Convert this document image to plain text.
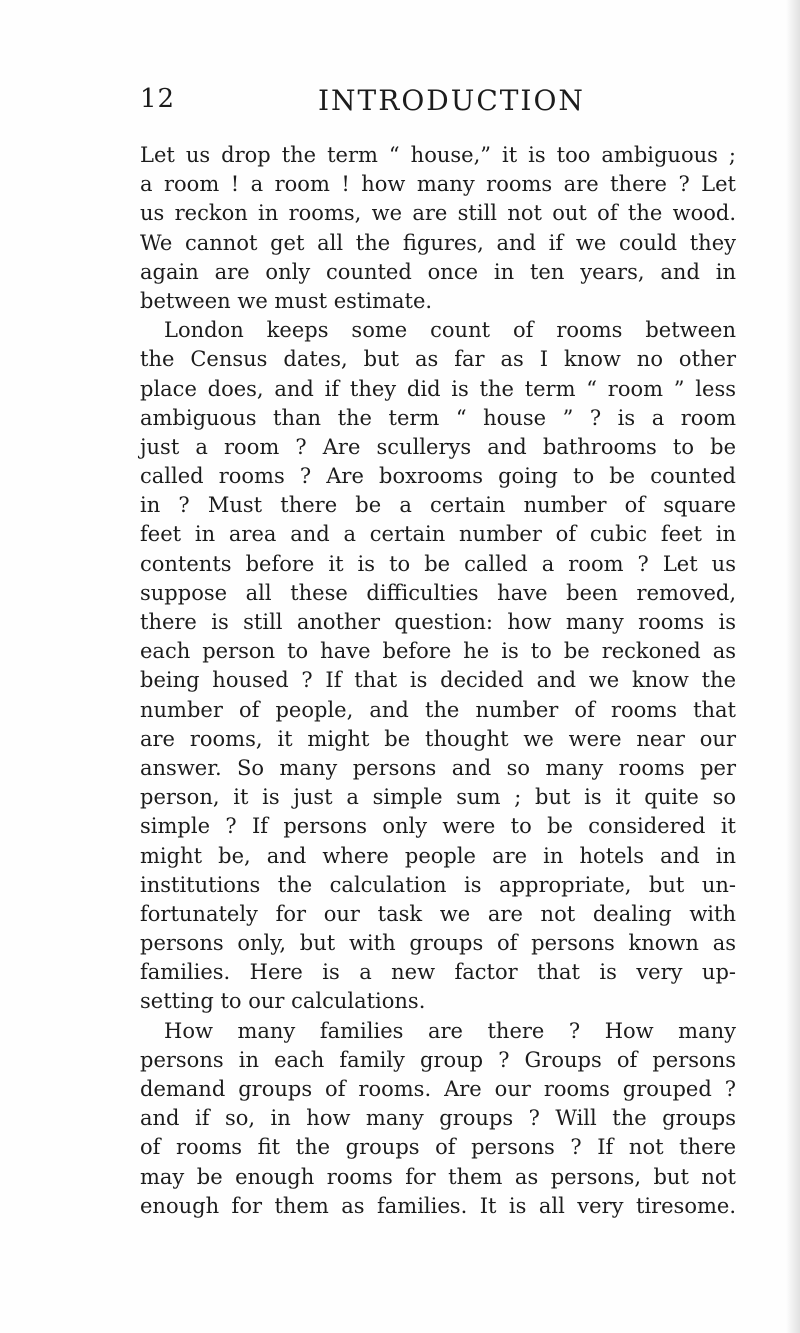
12	INTRODUCTION
Let us drop the term “ house,” it is too ambiguous ;
a room ! a room ! how many rooms are there ? Let
us reckon in rooms, we are still not out of the wood.
We cannot get all the figures, and if we could they
again are only counted once in ten years, and in
between we must estimate.
London keeps some count of rooms between
the Census dates, but as far as I know no other
place does, and if they did is the term “ room ” less
ambiguous than the term “ house ” ? is a room
just a room ? Are scullerys and bathrooms to be
called rooms ? Are boxrooms going to be counted
in ? Must there be a certain number of square
feet in area and a certain number of cubic feet in
contents before it is to be called a room ? Let us
suppose all these difficulties have been removed,
there is still another question: how many rooms is
each person to have before he is to be reckoned as
being housed ? If that is decided and we know the
number of people, and the number of rooms that
are rooms, it might be thought we were near our
answer. So many persons and so many rooms per
person, it is just a simple sum ; but is it quite so
simple ? If persons only were to be considered it
might be, and where people are in hotels and in
institutions the calculation is appropriate, but un-
fortunately for our task we are not dealing with
persons only, but with groups of persons known as
families. Here is a new factor that is very up-
setting to our calculations.
How many families are there ? How many
persons in each family group ? Groups of persons
demand groups of rooms. Are our rooms grouped ?
and if so, in how many groups ? Will the groups
of rooms fit the groups of persons ? If not there
may be enough rooms for them as persons, but not
enough for them as families. It is all very tiresome.
